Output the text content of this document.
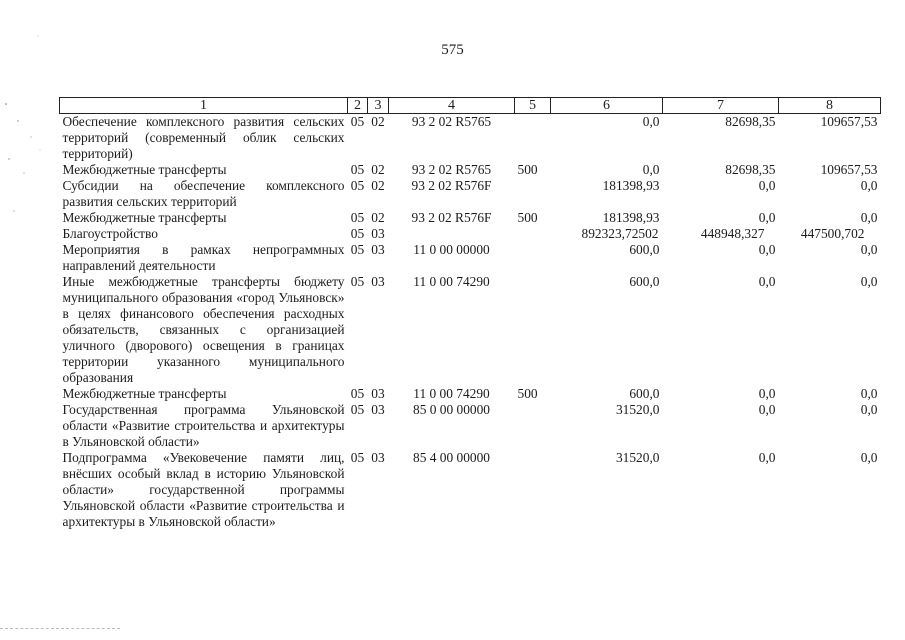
575
1	2	3	4	5	6	7	8
Обеспечение комплексного развития сельских территорий (современный облик сельских территорий)	05	02	93 2 02 R5765		0,0	82698,35	109657,53
Межбюджетные трансферты	05	02	93 2 02 R5765	500	0,0	82698,35	109657,53
Субсидии на обеспечение комплексного развития сельских территорий	05	02	93 2 02 R576F		181398,93	0,0	0,0
Межбюджетные трансферты	05	02	93 2 02 R576F	500	181398,93	0,0	0,0
Благоустройство	05	03			892323,72502	448948,327	447500,702
Мероприятия в рамках непрограммных направлений деятельности	05	03	11 0 00 00000		600,0	0,0	0,0
Иные межбюджетные трансферты бюджету муниципального образования «город Ульяновск» в целях финансового обеспечения расходных обязательств, связанных с организацией уличного (дворового) освещения в границах территории указанного муниципального образования	05	03	11 0 00 74290		600,0	0,0	0,0
Межбюджетные трансферты	05	03	11 0 00 74290	500	600,0	0,0	0,0
Государственная программа Ульяновской области «Развитие строительства и архитектуры в Ульяновской области»	05	03	85 0 00 00000		31520,0	0,0	0,0
Подпрограмма «Увековечение памяти лиц, внёсших особый вклад в историю Ульяновской области» государственной программы Ульяновской области «Развитие строительства и архитектуры в Ульяновской области»	05	03	85 4 00 00000		31520,0	0,0	0,0
